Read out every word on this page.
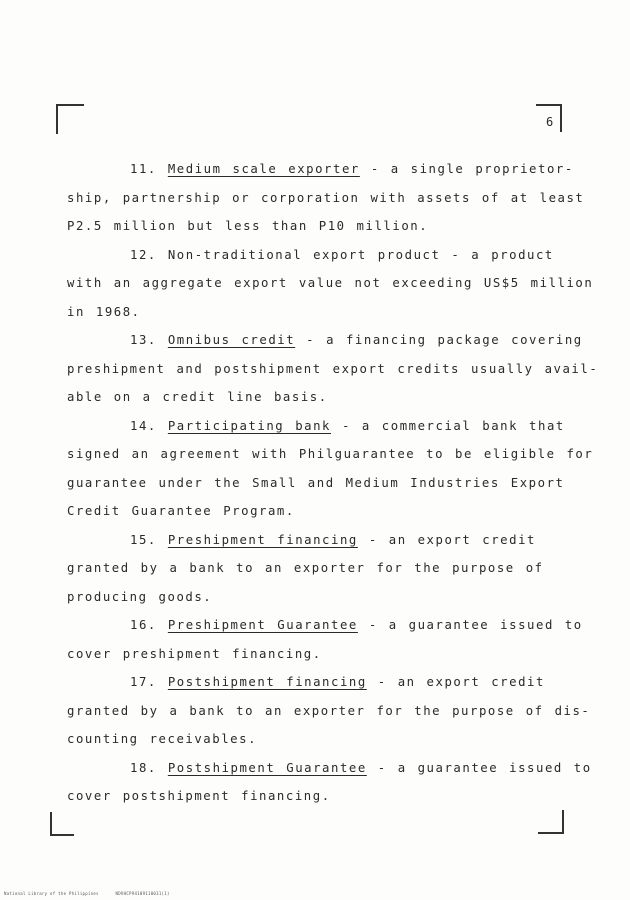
6
11. Medium scale exporter - a single proprietor-
ship, partnership or corporation with assets of at least
P2.5 million but less than P10 million.
12. Non-traditional export product - a product
with an aggregate export value not exceeding US$5 million
in 1968.
13. Omnibus credit - a financing package covering
preshipment and postshipment export credits usually avail-
able on a credit line basis.
14. Participating bank - a commercial bank that
signed an agreement with Philguarantee to be eligible for
guarantee under the Small and Medium Industries Export
Credit Guarantee Program.
15. Preshipment financing - an export credit
granted by a bank to an exporter for the purpose of
producing goods.
16. Preshipment Guarantee - a guarantee issued to
cover preshipment financing.
17. Postshipment financing - an export credit
granted by a bank to an exporter for the purpose of dis-
counting receivables.
18. Postshipment Guarantee - a guarantee issued to
cover postshipment financing.
National Library of the Philippines	NDVHCP94109110031(1)
